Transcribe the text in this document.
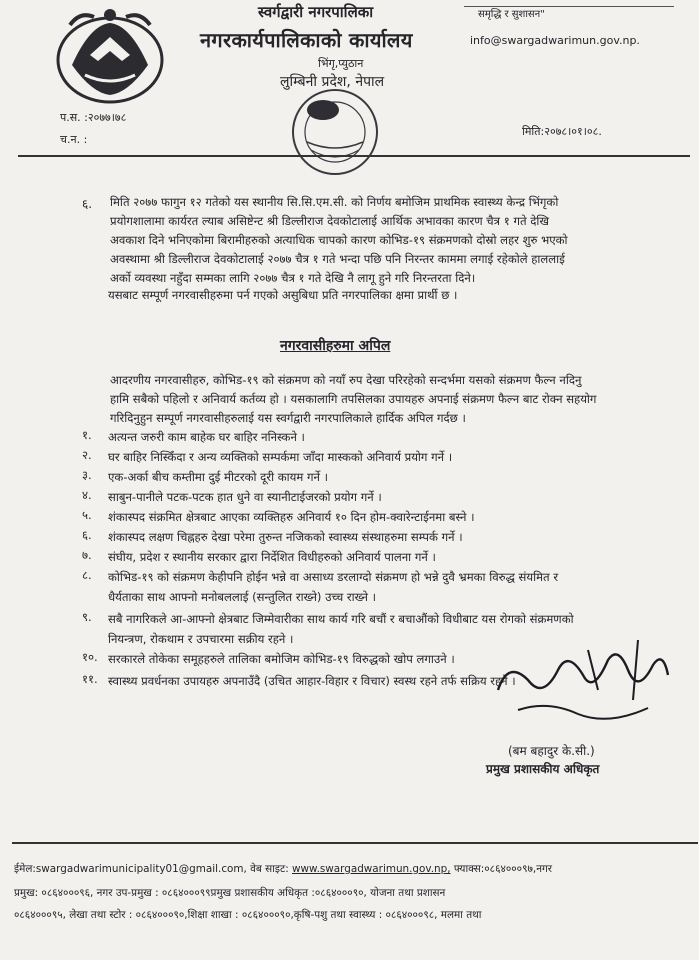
स्वर्गद्वारी नगरपालिका
नगरकार्यपालिकाको कार्यालय
भिंगृ,प्युठान
लुम्बिनी प्रदेश, नेपाल
समृद्धि र सुशासन"
info@swargadwarimun.gov.np.
प.स. :२०७७।७८
च.न. :
मिति:२०७८।०१।०८.
६. मिति २०७७ फागुन १२ गतेको यस स्थानीय सि.सि.एम.सी. को निर्णय बमोजिम प्राथमिक स्वास्थ्य केन्द्र भिंगृको
प्रयोगशालामा कार्यरत ल्याब असिष्टेन्ट श्री डिल्लीराज देवकोटालाई आर्थिक अभावका कारण चैत्र १ गते देखि
अवकाश दिने भनिएकोमा बिरामीहरुको अत्याधिक चापको कारण कोभिड-१९ संक्रमणको दोस्रो लहर शुरु भएको
अवस्थामा श्री डिल्लीराज देवकोटालाई २०७७ चैत्र १ गते भन्दा पछि पनि निरन्तर काममा लगाई रहेकोले हाललाई
अर्को व्यवस्था नहुँदा सम्मका लागि २०७७ चैत्र १ गते देखि नै लागू हुने गरि निरन्तरता दिने।
यसबाट सम्पूर्ण नगरवासीहरुमा पर्न गएको असुबिधा प्रति नगरपालिका क्षमा प्रार्थी छ ।
नगरवासीहरुमा अपिल
आदरणीय नगरवासीहरु, कोभिड-१९ को संक्रमण को नयाँ रुप देखा परिरहेको सन्दर्भमा यसको संक्रमण फैल्न नदिनु
हामि सबैको पहिलो र अनिवार्य कर्तव्य हो । यसकालागि तपसिलका उपायहरु अपनाई संक्रमण फैल्न बाट रोक्न सहयोग
गरिदिनुहुन सम्पूर्ण नगरवासीहरुलाई यस स्वर्गद्वारी नगरपालिकाले हार्दिक अपिल गर्दछ ।
१.	अत्यन्त जरुरी काम बाहेक घर बाहिर ननिस्कने ।
२.	घर बाहिर निस्किँदा र अन्य व्यक्तिको सम्पर्कमा जाँदा मास्कको अनिवार्य प्रयोग गर्ने ।
३.	एक-अर्का बीच कम्तीमा दुई मीटरको दूरी कायम गर्ने ।
४.	साबुन-पानीले पटक-पटक हात धुने वा स्यानीटाईजरको प्रयोग गर्ने ।
५.	शंकास्पद संक्रमित क्षेत्रबाट आएका व्यक्तिहरु अनिवार्य १० दिन होम-क्वारेन्टाईनमा बस्ने ।
६.	शंकास्पद लक्षण चिह्नहरु देखा परेमा तुरुन्त नजिकको स्वास्थ्य संस्थाहरुमा सम्पर्क गर्ने ।
७.	संघीय, प्रदेश र स्थानीय सरकार द्वारा निर्देशित विधीहरुको अनिवार्य पालना गर्ने ।
८.	कोभिड-१९ को संक्रमण केहीपनि होईन भन्ने वा असाध्य डरलाग्दो संक्रमण हो भन्ने दुवै भ्रमका विरुद्ध संयमित र
धैर्यताका साथ आफ्नो मनोबललाई (सन्तुलित राख्ने) उच्च राख्ने ।
९.	सबै नागरिकले आ-आफ्नो क्षेत्रबाट जिम्मेवारीका साथ कार्य गरि बचौं र बचाऔंको विधीबाट यस रोगको संक्रमणको
नियन्त्रण, रोकथाम र उपचारमा सक्रीय रहने ।
१०. सरकारले तोकेका समूहहरुले तालिका बमोजिम कोभिड-१९ विरुद्धको खोप लगाउने ।
११. स्वास्थ्य प्रवर्धनका उपायहरु अपनाउँदै (उचित आहार-विहार र विचार) स्वस्थ रहने तर्फ सक्रिय रहने ।
(बम बहादुर के.सी.)
प्रमुख प्रशासकीय अधिकृत
ईमेल:swargadwarimunicipality01@gmail.com, वेब साइट: www.swargadwarimun.gov.np, फ्याक्स:०८६४०००९७,नगर
प्रमुख: ०८६४०००९६, नगर उप-प्रमुख : ०८६४०००९९प्रमुख प्रशासकीय अधिकृत :०८६४०००९०, योजना तथा प्रशासन
०८६४०००९५, लेखा तथा स्टोर : ०८६४०००९०,शिक्षा शाखा : ०८६४०००९०,कृषि-पशु तथा स्वास्थ्य : ०८६४०००९८, मलमा तथा
